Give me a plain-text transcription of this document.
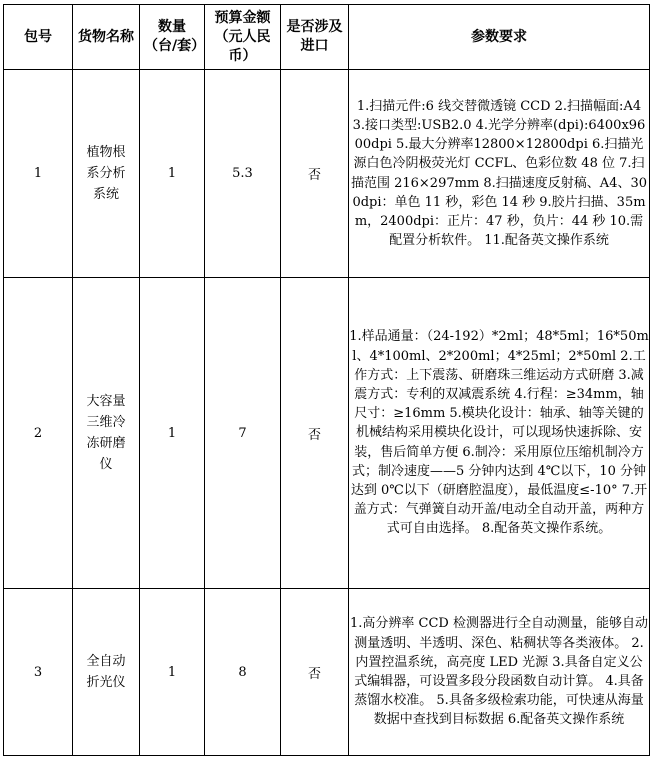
包号	货物名称	数量（台/套）	预算金额（元人民币）	是否涉及 进口	参数要求

1	植物根系分析系统	1	5.3	否	1.扫描元件:6 线交替微透镜 CCD 2.扫描幅面:A4 3.接口类型:USB2.0 4.光学分辨率(dpi):6400x9600dpi 5.最大分辨率12800×12800dpi 6.扫描光源白色冷阴极荧光灯 CCFL、色彩位数 48 位 7.扫描范围 216×297mm 8.扫描速度反射稿、A4、300dpi：单色 11 秒，彩色 14 秒 9.胶片扫描、35mm，2400dpi：正片：47 秒，负片：44 秒 10.需配置分析软件。 11.配备英文操作系统
2	大容量三维冷冻研磨仪	1	7	否	1.样品通量：（24-192）*2ml；48*5ml；16*50ml、4*100ml、2*200ml；4*25ml；2*50ml 2.工作方式：上下震荡、研磨珠三维运动方式研磨 3.减震方式：专利的双减震系统 4.行程：≥34mm，轴尺寸：≥16mm 5.模块化设计：轴承、轴等关键的机械结构采用模块化设计，可以现场快速拆除、安装，售后简单方便 6.制冷：采用原位压缩机制冷方式；制冷速度——5 分钟内达到 4℃以下，10 分钟达到 0℃以下（研磨腔温度），最低温度≤-10° 7.开盖方式：气弹簧自动开盖/电动全自动开盖，两种方式可自由选择。 8.配备英文操作系统。
3	全自动折光仪	1	8	否	1.高分辨率 CCD 检测器进行全自动测量，能够自动测量透明、半透明、深色、粘稠状等各类液体。 2.内置控温系统，高亮度 LED 光源 3.具备自定义公式编辑器，可设置多段分段函数自动计算。 4.具备蒸馏水校准。 5.具备多级检索功能，可快速从海量数据中查找到目标数据 6.配备英文操作系统
